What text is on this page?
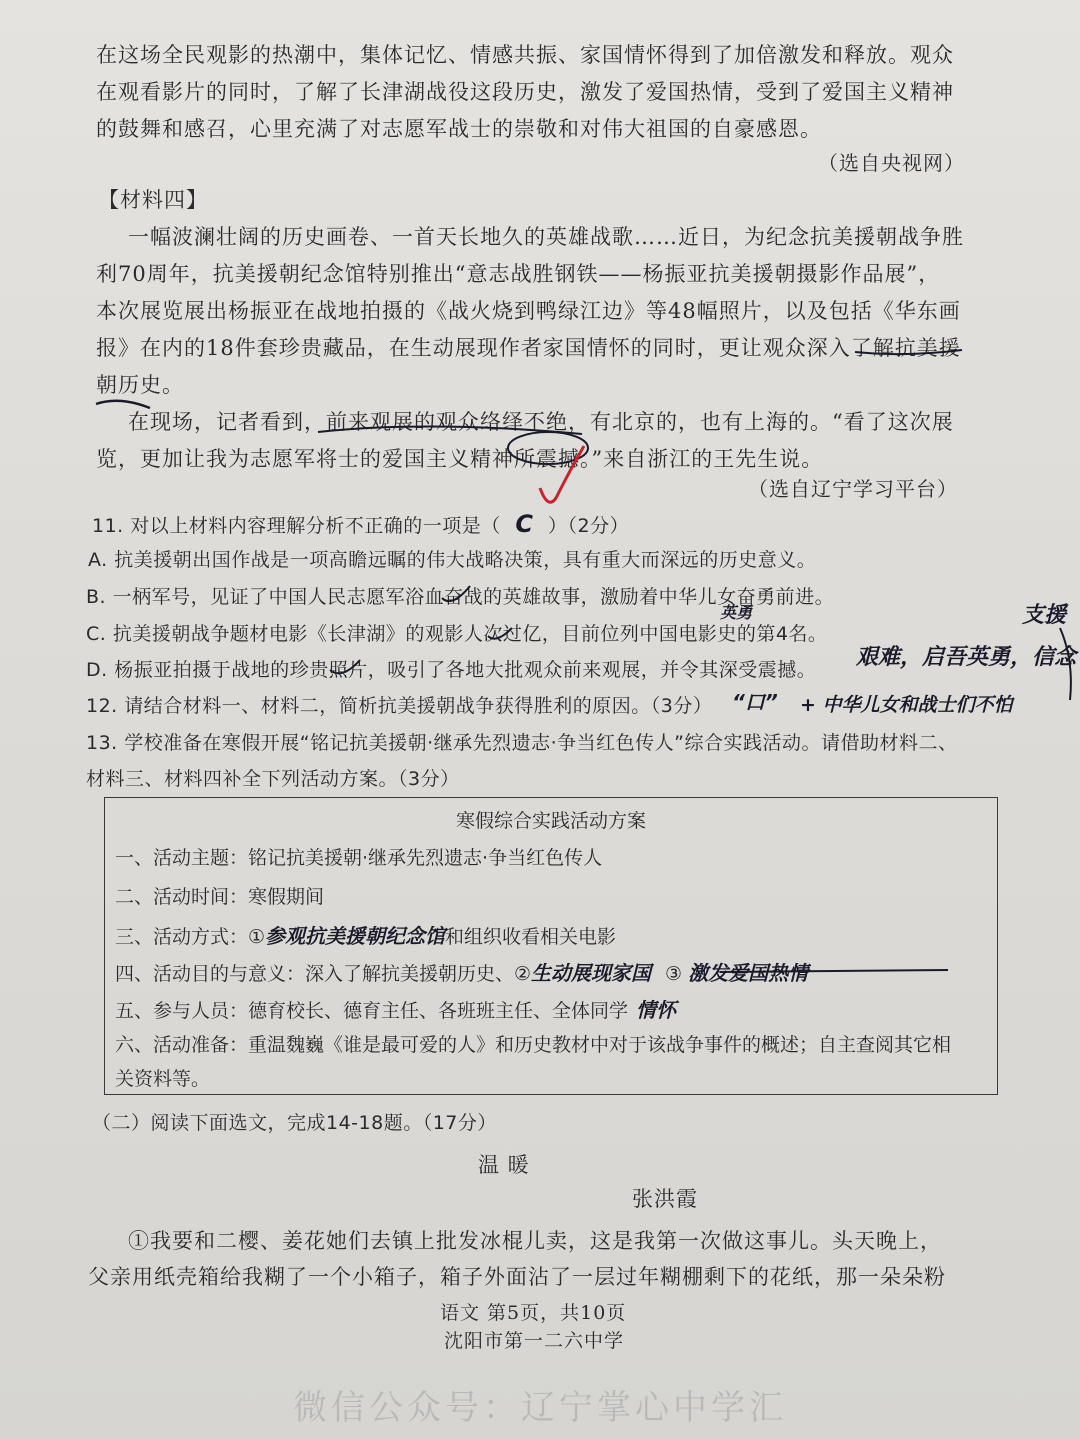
在这场全民观影的热潮中，集体记忆、情感共振、家国情怀得到了加倍激发和释放。观众
在观看影片的同时，了解了长津湖战役这段历史，激发了爱国热情，受到了爱国主义精神
的鼓舞和感召，心里充满了对志愿军战士的崇敬和对伟大祖国的自豪感恩。
（选自央视网）
【材料四】
一幅波澜壮阔的历史画卷、一首天长地久的英雄战歌……近日，为纪念抗美援朝战争胜
利70周年，抗美援朝纪念馆特别推出“意志战胜钢铁——杨振亚抗美援朝摄影作品展”，
本次展览展出杨振亚在战地拍摄的《战火烧到鸭绿江边》等48幅照片，以及包括《华东画
报》在内的18件套珍贵藏品，在生动展现作者家国情怀的同时，更让观众深入了解抗美援
朝历史。
在现场，记者看到，前来观展的观众络绎不绝，有北京的，也有上海的。“看了这次展
览，更加让我为志愿军将士的爱国主义精神所震撼。”来自浙江的王先生说。
（选自辽宁学习平台）
11. 对以上材料内容理解分析不正确的一项是（ C ）（2分）
A. 抗美援朝出国作战是一项高瞻远瞩的伟大战略决策，具有重大而深远的历史意义。
B. 一柄军号，见证了中国人民志愿军浴血奋战的英雄故事，激励着中华儿女奋勇前进。
C. 抗美援朝战争题材电影《长津湖》的观影人次过亿，目前位列中国电影史的第4名。
D. 杨振亚拍摄于战地的珍贵照片，吸引了各地大批观众前来观展，并令其深受震撼。
12. 请结合材料一、材料二，简析抗美援朝战争获得胜利的原因。（3分）
13. 学校准备在寒假开展“铭记抗美援朝·继承先烈遗志·争当红色传人”综合实践活动。请借助材料二、
材料三、材料四补全下列活动方案。（3分）
寒假综合实践活动方案
一、活动主题：铭记抗美援朝·继承先烈遗志·争当红色传人
二、活动时间：寒假期间
三、活动方式：①参观抗美援朝纪念馆和组织收看相关电影
四、活动目的与意义：深入了解抗美援朝历史、②生动展现家国 ③ 激发爱国热情
五、参与人员：德育校长、德育主任、各班班主任、全体同学 情怀
六、活动准备：重温魏巍《谁是最可爱的人》和历史教材中对于该战争事件的概述；自主查阅其它相
关资料等。
支援
艰难，启吾英勇，信念
“口” + 中华儿女和战士们不怕
英勇
（二）阅读下面选文，完成14-18题。（17分）
温 暖
张洪霞
①我要和二樱、姜花她们去镇上批发冰棍儿卖，这是我第一次做这事儿。头天晚上，
父亲用纸壳箱给我糊了一个小箱子，箱子外面沾了一层过年糊棚剩下的花纸，那一朵朵粉
语文 第5页，共10页
沈阳市第一二六中学
微信公众号：辽宁掌心中学汇
